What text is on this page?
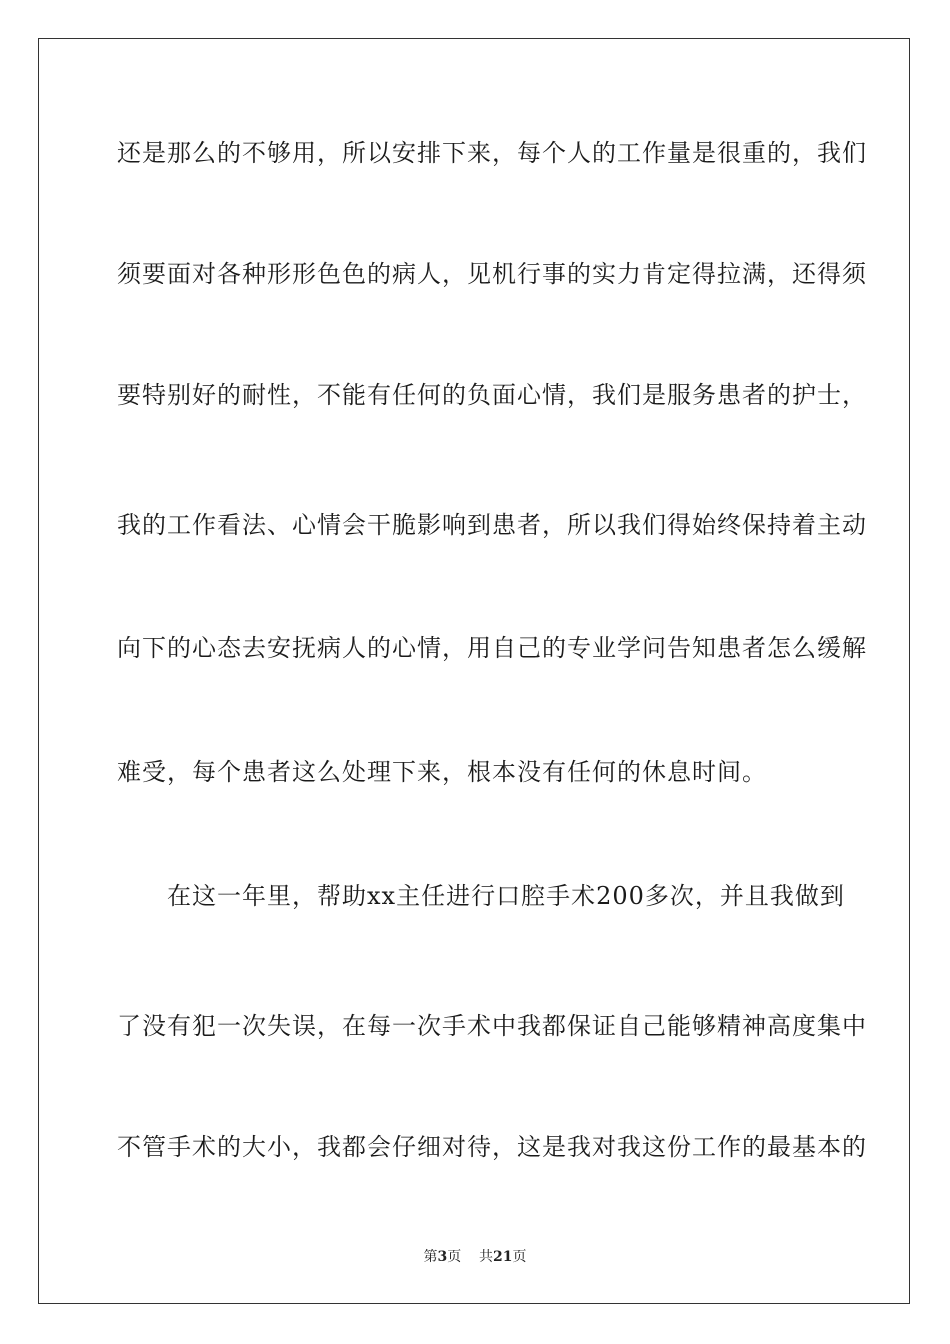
还是那么的不够用，所以安排下来，每个人的工作量是很重的，我们
须要面对各种形形色色的病人，见机行事的实力肯定得拉满，还得须
要特别好的耐性，不能有任何的负面心情，我们是服务患者的护士，
我的工作看法、心情会干脆影响到患者，所以我们得始终保持着主动
向下的心态去安抚病人的心情，用自己的专业学问告知患者怎么缓解
难受，每个患者这么处理下来，根本没有任何的休息时间。
　　在这一年里，帮助xx主任进行口腔手术200多次，并且我做到
了没有犯一次失误，在每一次手术中我都保证自己能够精神高度集中
不管手术的大小，我都会仔细对待，这是我对我这份工作的最基本的
第3页 共21页
